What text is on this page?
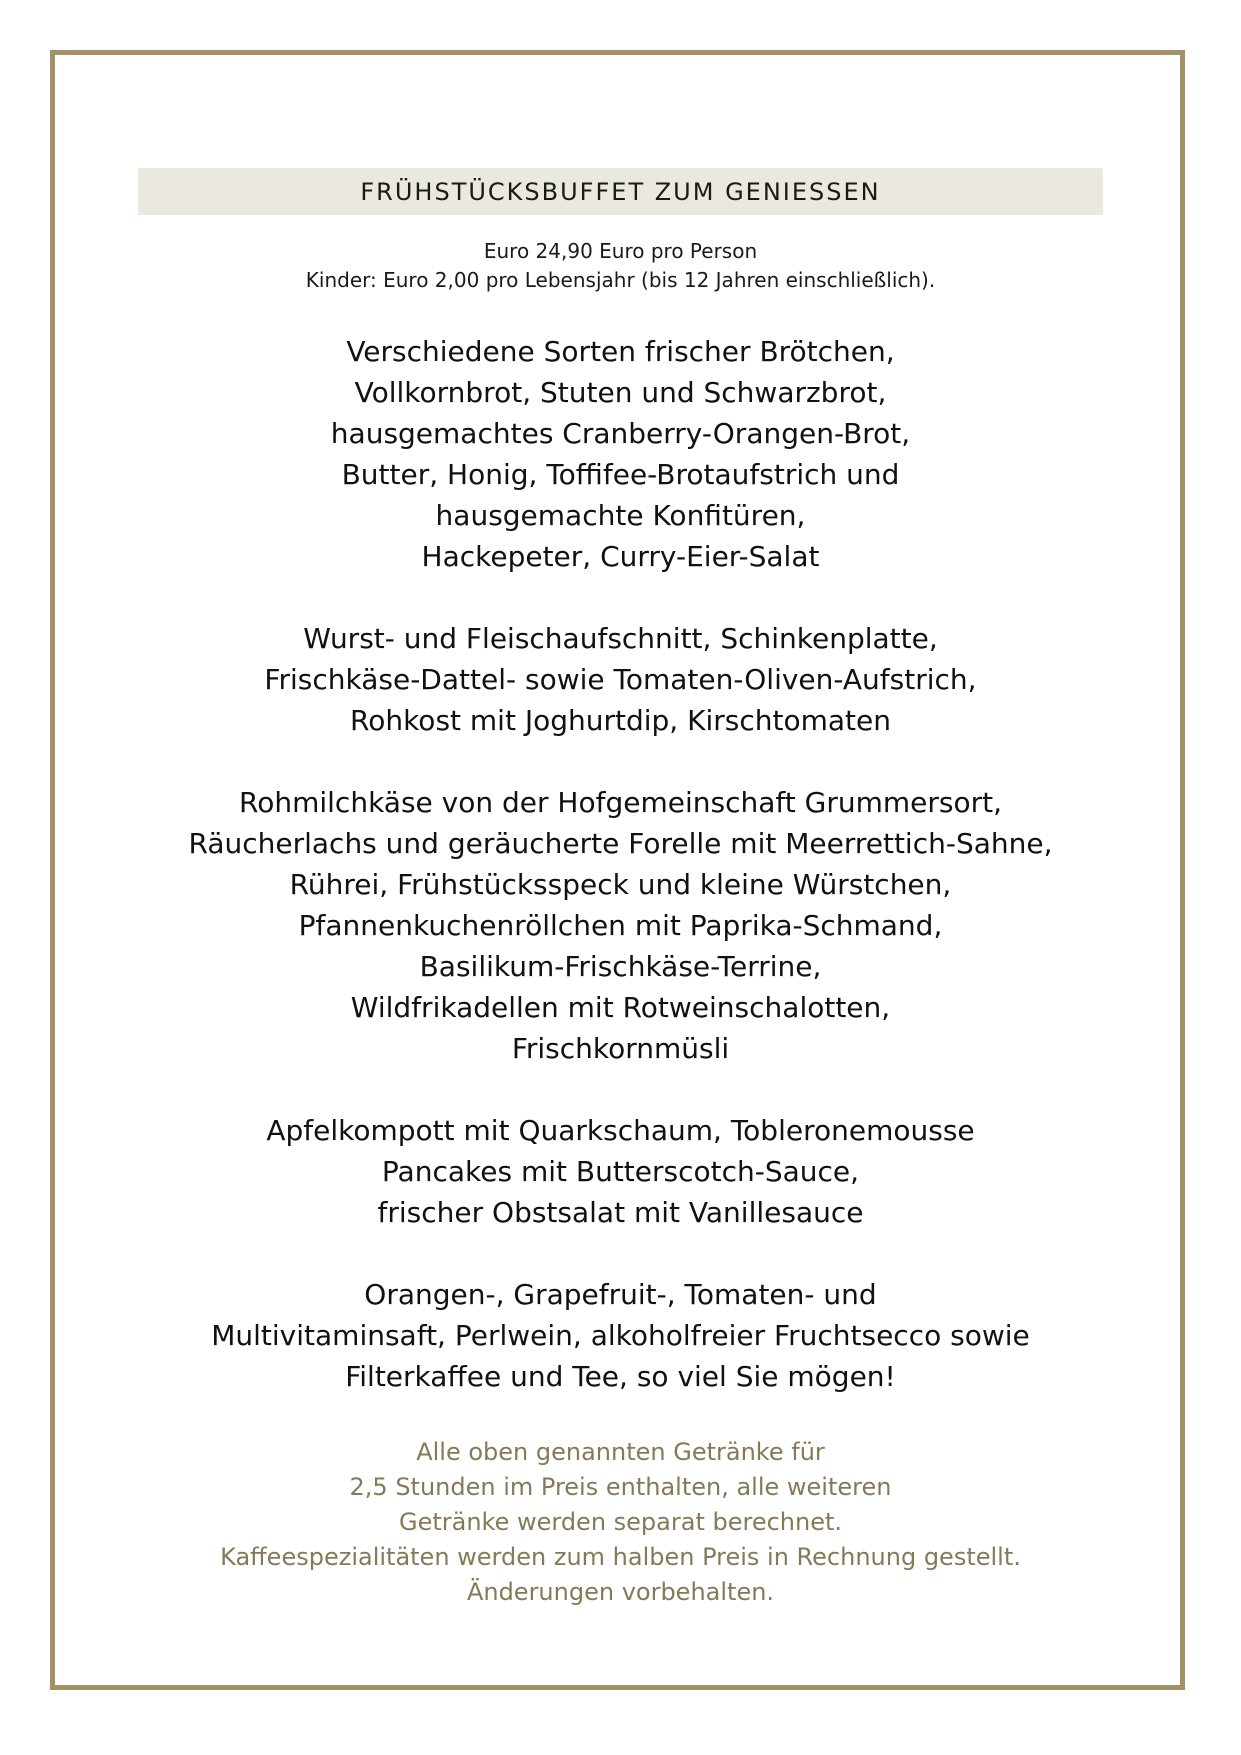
FRÜHSTÜCKSBUFFET ZUM GENIESSEN
Euro 24,90 Euro pro Person
Kinder: Euro 2,00 pro Lebensjahr (bis 12 Jahren einschließlich).
Verschiedene Sorten frischer Brötchen,
Vollkornbrot, Stuten und Schwarzbrot,
hausgemachtes Cranberry-Orangen-Brot,
Butter, Honig, Toffifee-Brotaufstrich und
hausgemachte Konfitüren,
Hackepeter, Curry-Eier-Salat
Wurst- und Fleischaufschnitt, Schinkenplatte,
Frischkäse-Dattel- sowie Tomaten-Oliven-Aufstrich,
Rohkost mit Joghurtdip, Kirschtomaten
Rohmilchkäse von der Hofgemeinschaft Grummersort,
Räucherlachs und geräucherte Forelle mit Meerrettich-Sahne,
Rührei, Frühstücksspeck und kleine Würstchen,
Pfannenkuchenröllchen mit Paprika-Schmand,
Basilikum-Frischkäse-Terrine,
Wildfrikadellen mit Rotweinschalotten,
Frischkornmüsli
Apfelkompott mit Quarkschaum, Tobleronemousse
Pancakes mit Butterscotch-Sauce,
frischer Obstsalat mit Vanillesauce
Orangen-, Grapefruit-, Tomaten- und
Multivitaminsaft, Perlwein, alkoholfreier Fruchtsecco sowie
Filterkaffee und Tee, so viel Sie mögen!
Alle oben genannten Getränke für
2,5 Stunden im Preis enthalten, alle weiteren
Getränke werden separat berechnet.
Kaffeespezialitäten werden zum halben Preis in Rechnung gestellt.
Änderungen vorbehalten.
